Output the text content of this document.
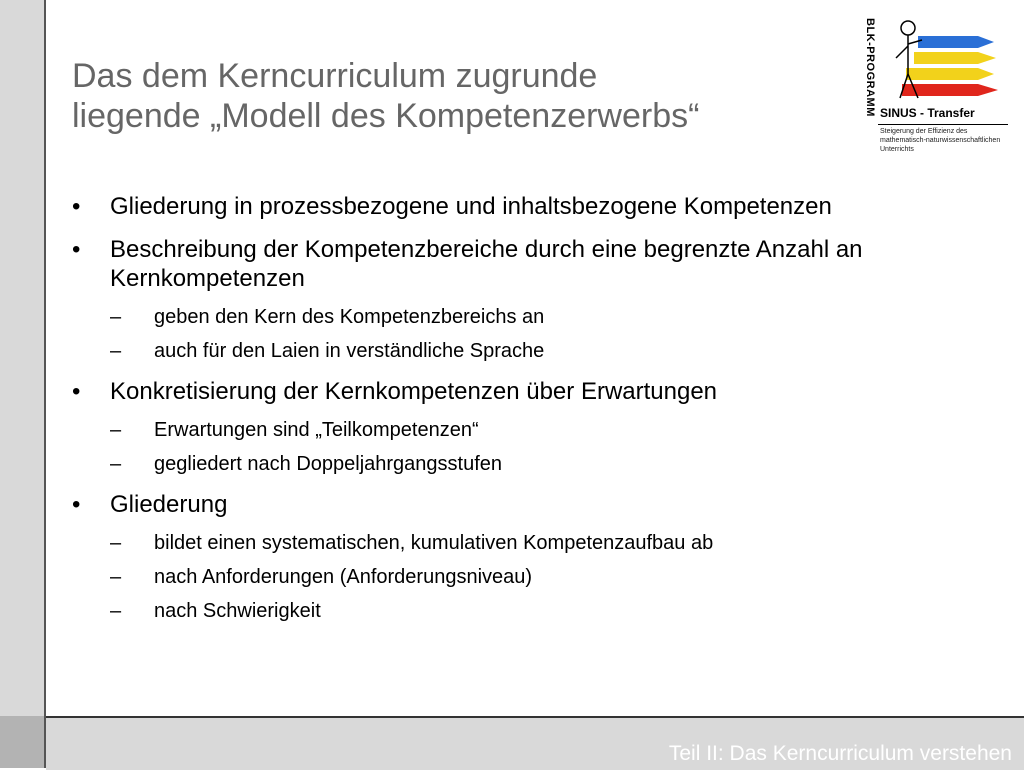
Das dem Kerncurriculum zugrunde
liegende „Modell des Kompetenzerwerbs“	BLK-PROGRAMM SINUS - Transfer
Steigerung der Effizienz des mathematisch-naturwissenschaftlichen Unterrichts
• Gliederung in prozessbezogene und inhaltsbezogene Kompetenzen
• Beschreibung der Kompetenzbereiche durch eine begrenzte Anzahl an Kernkompetenzen
– geben den Kern des Kompetenzbereichs an
– auch für den Laien in verständliche Sprache
• Konkretisierung der Kernkompetenzen über Erwartungen
– Erwartungen sind „Teilkompetenzen“
– gegliedert nach Doppeljahrgangsstufen
• Gliederung
– bildet einen systematischen, kumulativen Kompetenzaufbau ab
– nach Anforderungen (Anforderungsniveau)
– nach Schwierigkeit
Teil II: Das Kerncurriculum verstehen
